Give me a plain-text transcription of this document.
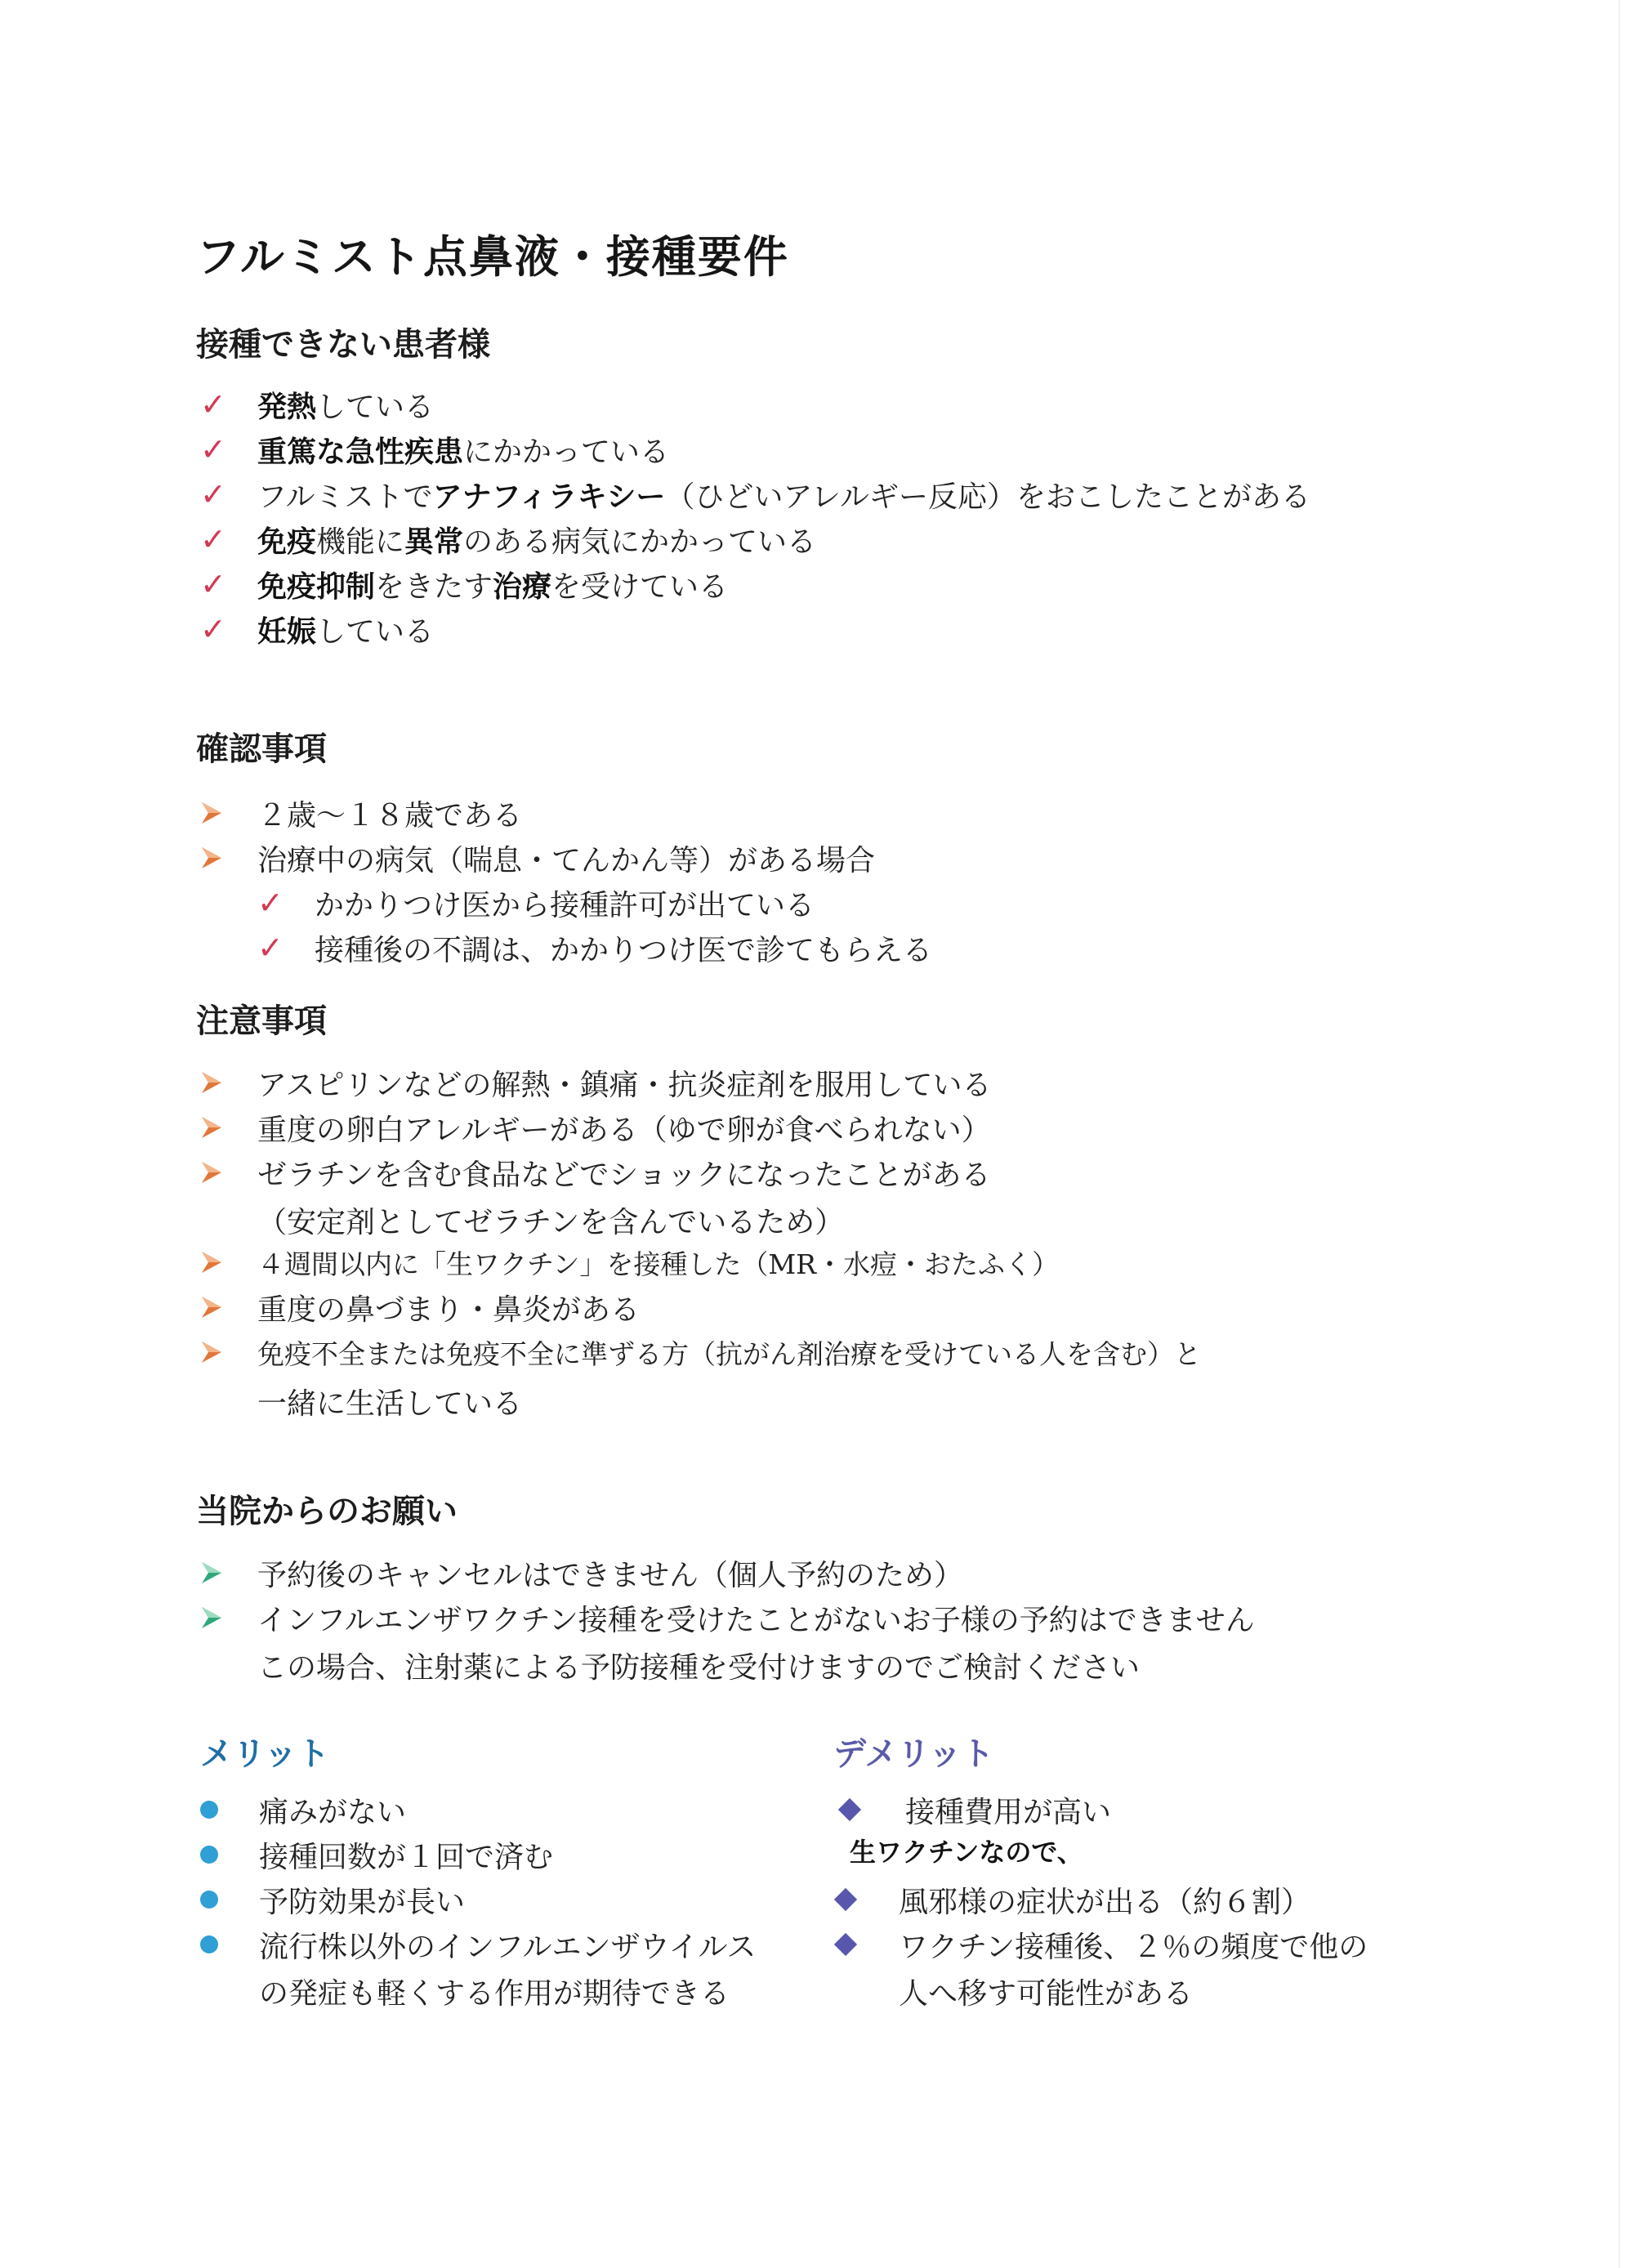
フルミスト点鼻液・接種要件
接種できない患者様
✓ 発熱している
✓ 重篤な急性疾患にかかっている
✓ フルミストでアナフィラキシー（ひどいアレルギー反応）をおこしたことがある
✓ 免疫機能に異常のある病気にかかっている
✓ 免疫抑制をきたす治療を受けている
✓ 妊娠している
確認事項
２歳〜１８歳である
治療中の病気（喘息・てんかん等）がある場合
✓ かかりつけ医から接種許可が出ている
✓ 接種後の不調は、かかりつけ医で診てもらえる
注意事項
アスピリンなどの解熱・鎮痛・抗炎症剤を服用している
重度の卵白アレルギーがある（ゆで卵が食べられない）
ゼラチンを含む食品などでショックになったことがある
（安定剤としてゼラチンを含んでいるため）
４週間以内に「生ワクチン」を接種した（MR・水痘・おたふく）
重度の鼻づまり・鼻炎がある
免疫不全または免疫不全に準ずる方（抗がん剤治療を受けている人を含む）と
一緒に生活している
当院からのお願い
予約後のキャンセルはできません（個人予約のため）
インフルエンザワクチン接種を受けたことがないお子様の予約はできません
この場合、注射薬による予防接種を受付けますのでご検討ください
メリット
痛みがない
接種回数が１回で済む
予防効果が長い
流行株以外のインフルエンザウイルス
の発症も軽くする作用が期待できる
デメリット
接種費用が高い
生ワクチンなので、
風邪様の症状が出る（約６割）
ワクチン接種後、２％の頻度で他の
人へ移す可能性がある
